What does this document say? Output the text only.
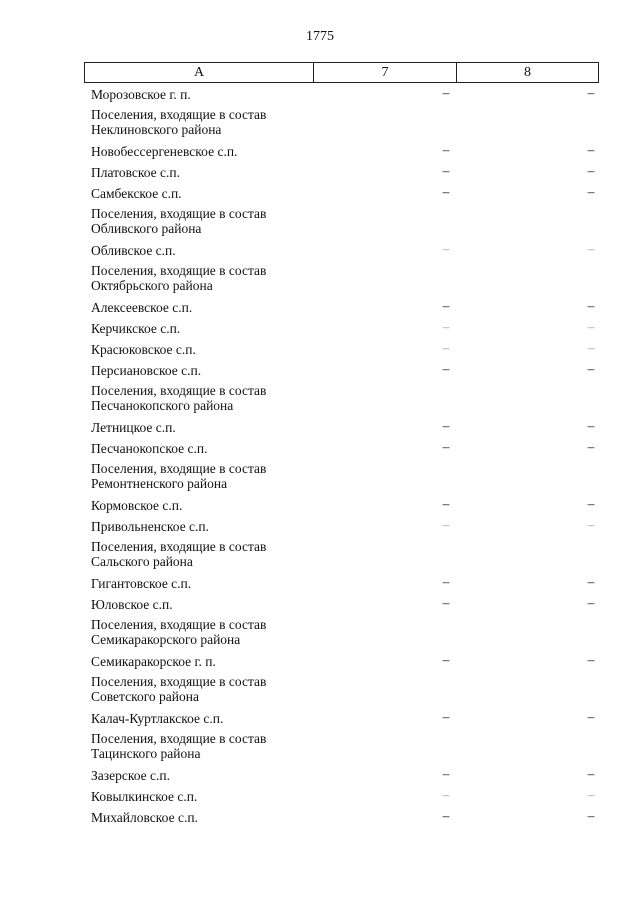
1775
А	7	8
Морозовское г. п.	–	–
Поселения, входящие в состав
Неклиновского района
Новобессергеневское с.п.	–	–
Платовское с.п.	–	–
Самбекское с.п.	–	–
Поселения, входящие в состав
Обливского района
Обливское с.п.	–	–
Поселения, входящие в состав
Октябрьского района
Алексеевское с.п.	–	–
Керчикское с.п.	–	–
Красюковское с.п.	–	–
Персиановское с.п.	–	–
Поселения, входящие в состав
Песчанокопского района
Летницкое с.п.	–	–
Песчанокопское с.п.	–	–
Поселения, входящие в состав
Ремонтненского района
Кормовское с.п.	–	–
Привольненское с.п.	–	–
Поселения, входящие в состав
Сальского района
Гигантовское с.п.	–	–
Юловское с.п.	–	–
Поселения, входящие в состав
Семикаракорского района
Семикаракорское г. п.	–	–
Поселения, входящие в состав
Советского района
Калач-Куртлакское с.п.	–	–
Поселения, входящие в состав
Тацинского района
Зазерское с.п.	–	–
Ковылкинское с.п.	–	–
Михайловское с.п.	–	–
